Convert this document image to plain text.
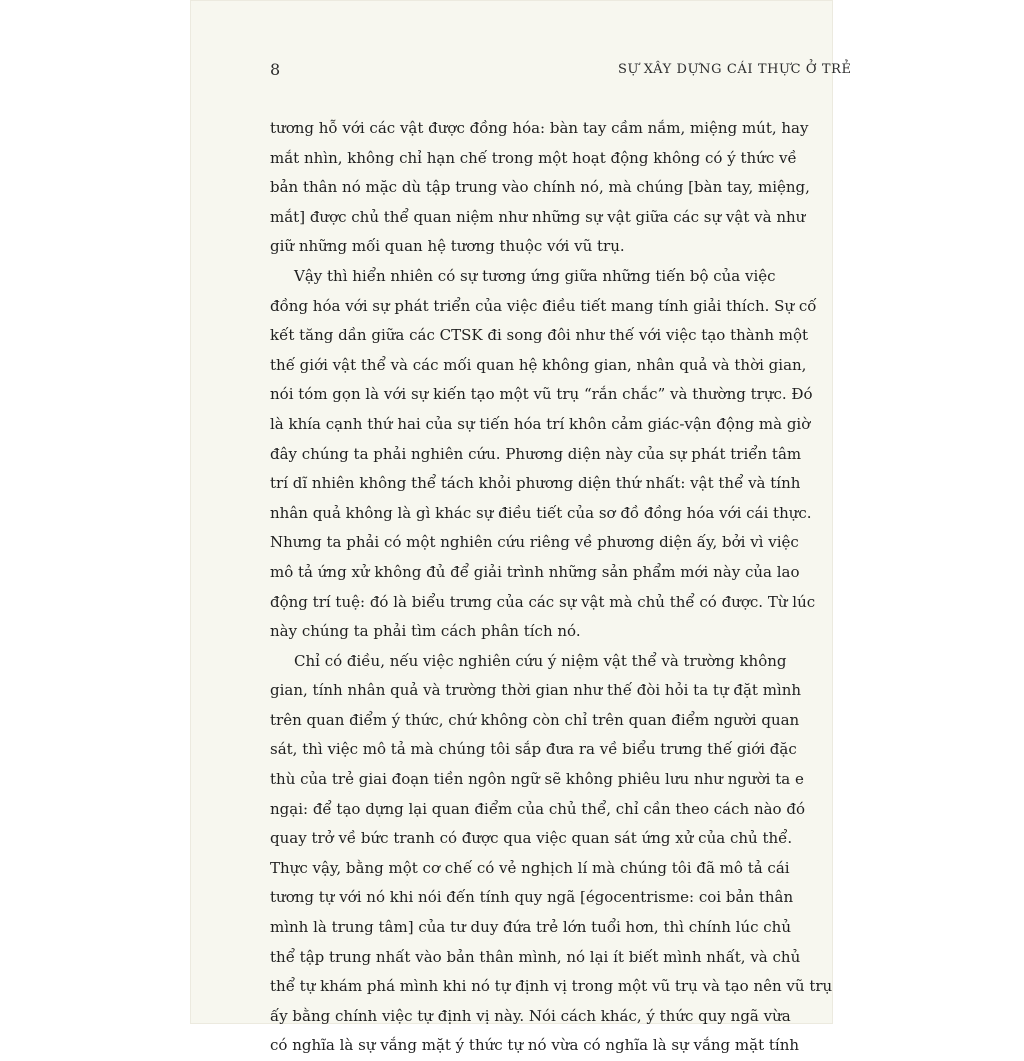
8	SỰ XÂY DỰNG CÁI THỰC Ở TRẺ
tương hỗ với các vật được đồng hóa: bàn tay cầm nắm, miệng mút, hay
mắt nhìn, không chỉ hạn chế trong một hoạt động không có ý thức về
bản thân nó mặc dù tập trung vào chính nó, mà chúng [bàn tay, miệng,
mắt] được chủ thể quan niệm như những sự vật giữa các sự vật và như
giữ những mối quan hệ tương thuộc với vũ trụ.
Vậy thì hiển nhiên có sự tương ứng giữa những tiến bộ của việc
đồng hóa với sự phát triển của việc điều tiết mang tính giải thích. Sự cố
kết tăng dần giữa các CTSK đi song đôi như thế với việc tạo thành một
thế giới vật thể và các mối quan hệ không gian, nhân quả và thời gian,
nói tóm gọn là với sự kiến tạo một vũ trụ “rắn chắc” và thường trực. Đó
là khía cạnh thứ hai của sự tiến hóa trí khôn cảm giác-vận động mà giờ
đây chúng ta phải nghiên cứu. Phương diện này của sự phát triển tâm
trí dĩ nhiên không thể tách khỏi phương diện thứ nhất: vật thể và tính
nhân quả không là gì khác sự điều tiết của sơ đồ đồng hóa với cái thực.
Nhưng ta phải có một nghiên cứu riêng về phương diện ấy, bởi vì việc
mô tả ứng xử không đủ để giải trình những sản phẩm mới này của lao
động trí tuệ: đó là biểu trưng của các sự vật mà chủ thể có được. Từ lúc
này chúng ta phải tìm cách phân tích nó.
Chỉ có điều, nếu việc nghiên cứu ý niệm vật thể và trường không
gian, tính nhân quả và trường thời gian như thế đòi hỏi ta tự đặt mình
trên quan điểm ý thức, chứ không còn chỉ trên quan điểm người quan
sát, thì việc mô tả mà chúng tôi sắp đưa ra về biểu trưng thế giới đặc
thù của trẻ giai đoạn tiền ngôn ngữ sẽ không phiêu lưu như người ta e
ngại: để tạo dựng lại quan điểm của chủ thể, chỉ cần theo cách nào đó
quay trở về bức tranh có được qua việc quan sát ứng xử của chủ thể.
Thực vậy, bằng một cơ chế có vẻ nghịch lí mà chúng tôi đã mô tả cái
tương tự với nó khi nói đến tính quy ngã [égocentrisme: coi bản thân
mình là trung tâm] của tư duy đứa trẻ lớn tuổi hơn, thì chính lúc chủ
thể tập trung nhất vào bản thân mình, nó lại ít biết mình nhất, và chủ
thể tự khám phá mình khi nó tự định vị trong một vũ trụ và tạo nên vũ trụ
ấy bằng chính việc tự định vị này. Nói cách khác, ý thức quy ngã vừa
có nghĩa là sự vắng mặt ý thức tự nó vừa có nghĩa là sự vắng mặt tính
